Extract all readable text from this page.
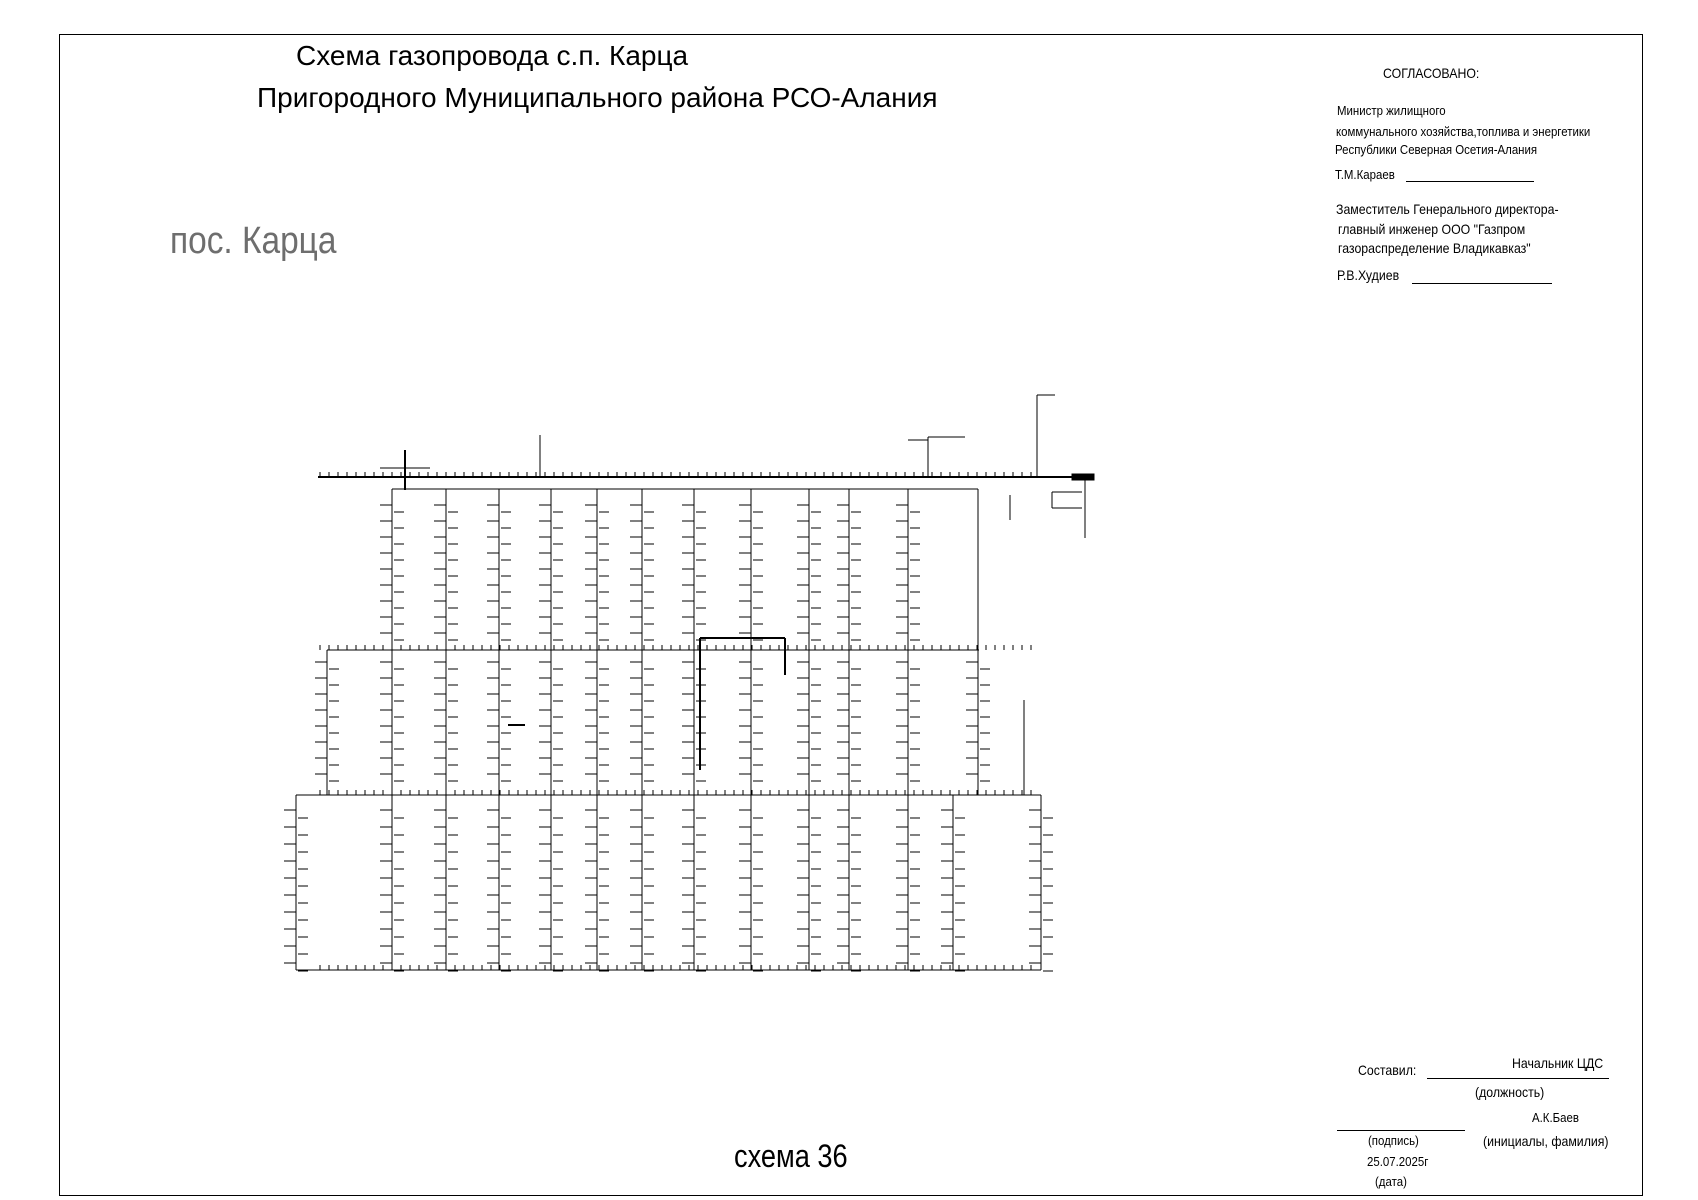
Схема газопровода с.п. Карца
Пригородного Муниципального района РСО-Алания
пос. Карца
СОГЛАСОВАНО:
Министр жилищного
коммунального хозяйства,топлива и энергетики
Республики Северная Осетия-Алания
Т.М.Караев
Заместитель Генерального директора-
главный инженер ООО "Газпром
газораспределение Владикавказ"
Р.В.Худиев
Составил:	Начальник ЦДС
(должность)
А.К.Баев
(инициалы, фамилия)
(подпись)
25.07.2025г
(дата)
схема 36
